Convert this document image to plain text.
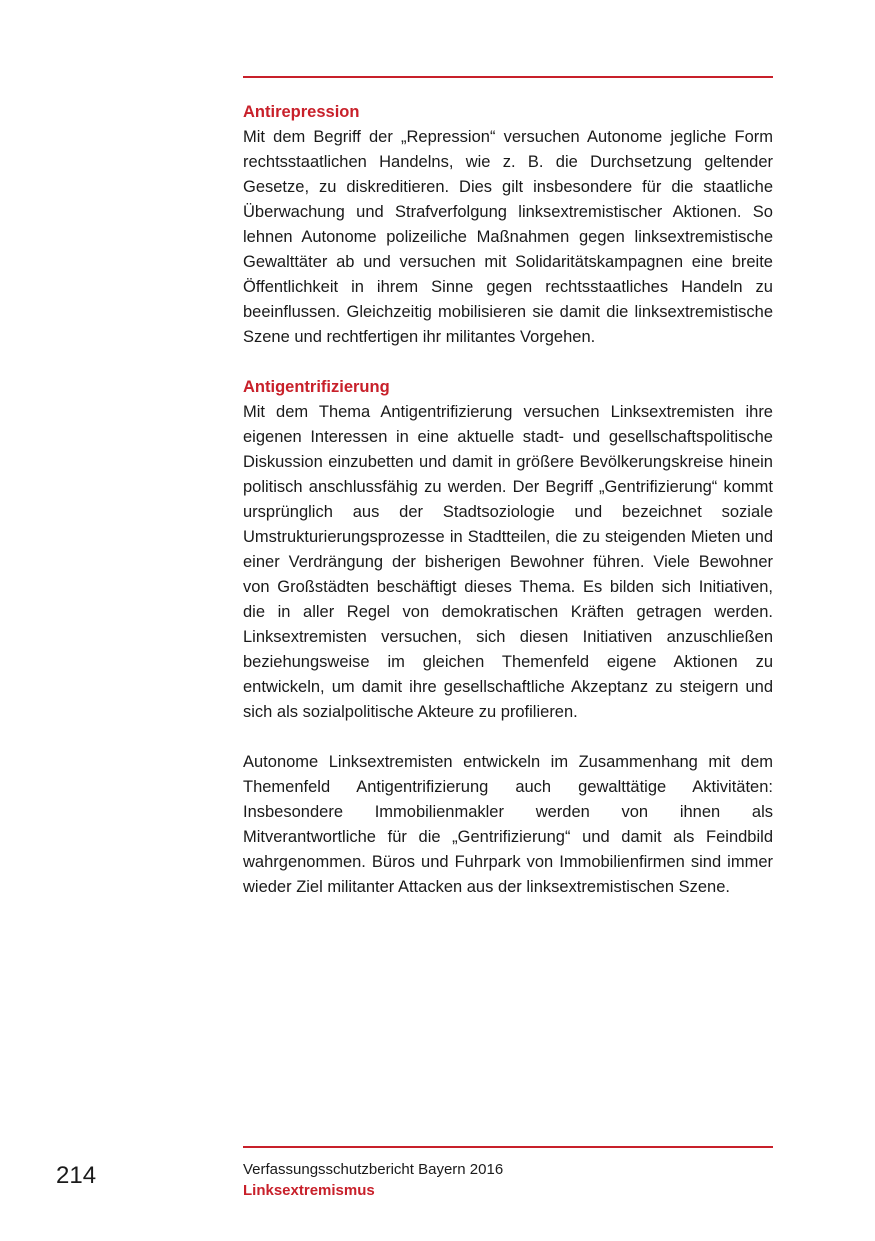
Antirepression

Mit dem Begriff der „Repression“ versuchen Autonome jegliche Form rechtsstaatlichen Handelns, wie z. B. die Durchsetzung geltender Gesetze, zu diskreditieren. Dies gilt insbesondere für die staatliche Überwachung und Strafverfolgung linksextremistischer Aktionen. So lehnen Autonome polizeiliche Maßnahmen gegen linksextremistische Gewalttäter ab und versuchen mit Solidaritätskampagnen eine breite Öffentlichkeit in ihrem Sinne gegen rechtsstaatliches Handeln zu beeinflussen. Gleichzeitig mobilisieren sie damit die linksextremistische Szene und rechtfertigen ihr militantes Vorgehen.

Antigentrifizierung

Mit dem Thema Antigentrifizierung versuchen Linksextremisten ihre eigenen Interessen in eine aktuelle stadt- und gesellschaftspolitische Diskussion einzubetten und damit in größere Bevölkerungskreise hinein politisch anschlussfähig zu werden. Der Begriff „Gentrifizierung“ kommt ursprünglich aus der Stadtsoziologie und bezeichnet soziale Umstrukturierungsprozesse in Stadtteilen, die zu steigenden Mieten und einer Verdrängung der bisherigen Bewohner führen. Viele Bewohner von Großstädten beschäftigt dieses Thema. Es bilden sich Initiativen, die in aller Regel von demokratischen Kräften getragen werden. Linksextremisten versuchen, sich diesen Initiativen anzuschließen beziehungsweise im gleichen Themenfeld eigene Aktionen zu entwickeln, um damit ihre gesellschaftliche Akzeptanz zu steigern und sich als sozialpolitische Akteure zu profilieren.

Autonome Linksextremisten entwickeln im Zusammenhang mit dem Themenfeld Antigentrifizierung auch gewalttätige Aktivitäten: Insbesondere Immobilienmakler werden von ihnen als Mitverantwortliche für die „Gentrifizierung“ und damit als Feindbild wahrgenommen. Büros und Fuhrpark von Immobilienfirmen sind immer wieder Ziel militanter Attacken aus der linksextremistischen Szene.

214	Verfassungsschutzbericht Bayern 2016
Linksextremismus
